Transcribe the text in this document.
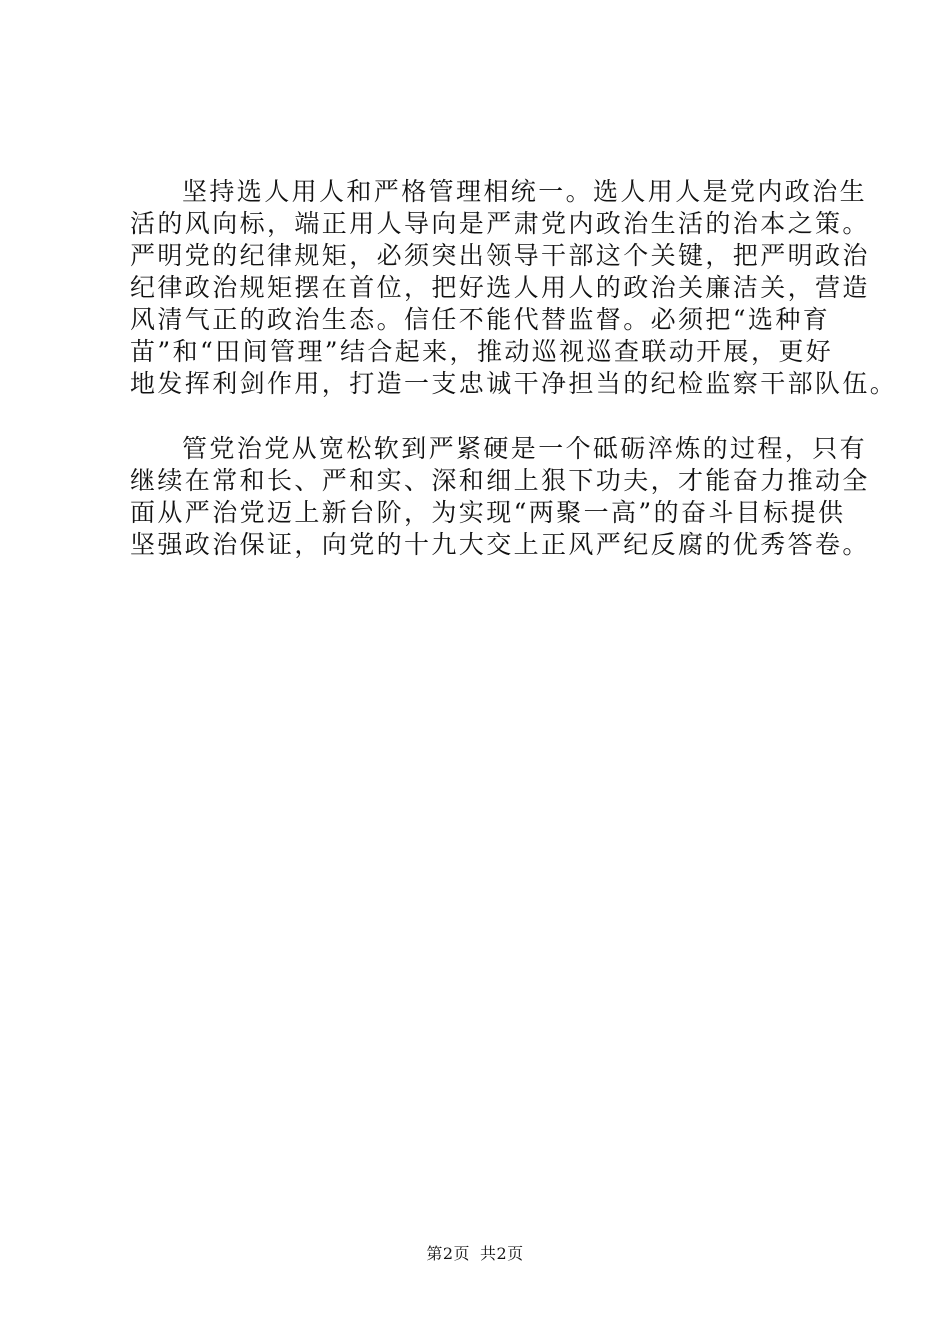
坚持选人用人和严格管理相统一。选人用人是党内政治生
活的风向标，端正用人导向是严肃党内政治生活的治本之策。
严明党的纪律规矩，必须突出领导干部这个关键，把严明政治
纪律政治规矩摆在首位，把好选人用人的政治关廉洁关，营造
风清气正的政治生态。信任不能代替监督。必须把“选种育
苗”和“田间管理”结合起来，推动巡视巡查联动开展，更好
地发挥利剑作用，打造一支忠诚干净担当的纪检监察干部队伍。

管党治党从宽松软到严紧硬是一个砥砺淬炼的过程，只有
继续在常和长、严和实、深和细上狠下功夫，才能奋力推动全
面从严治党迈上新台阶，为实现“两聚一高”的奋斗目标提供
坚强政治保证，向党的十九大交上正风严纪反腐的优秀答卷。

第2页 共2页
